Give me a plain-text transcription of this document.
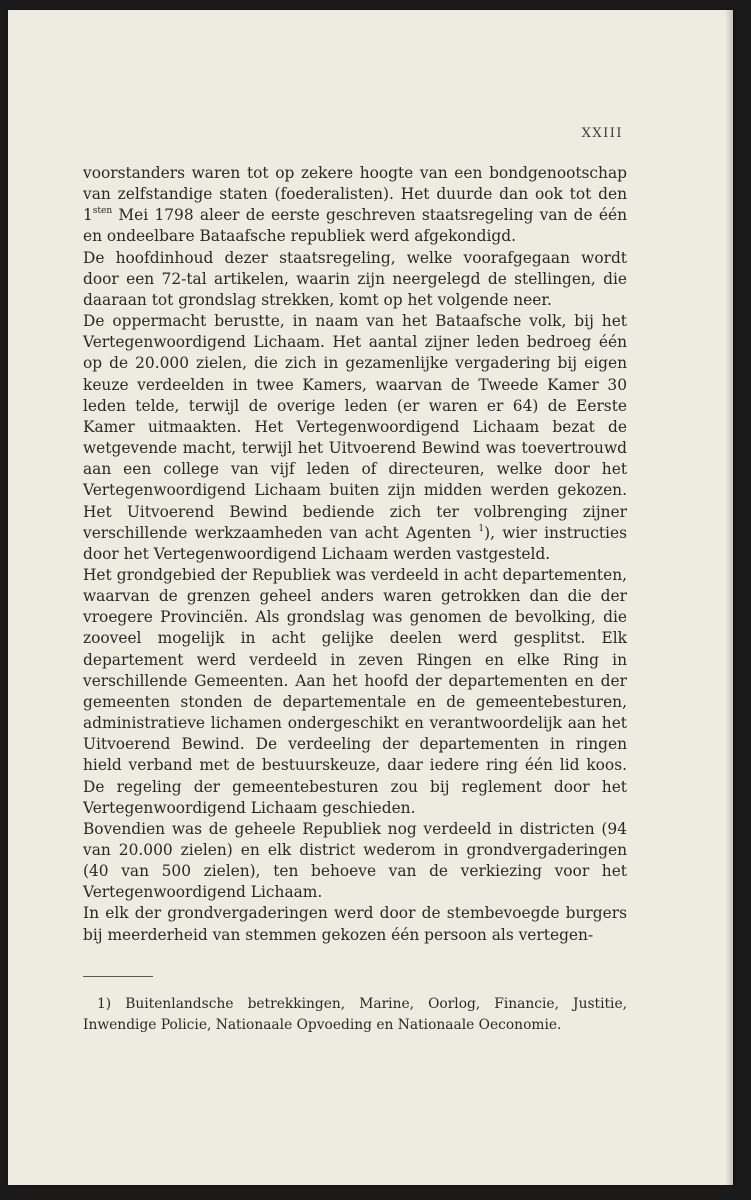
XXIII

voorstanders waren tot op zekere hoogte van een bondgenootschap van zelfstandige staten (foederalisten). Het duurde dan ook tot den $1^{sten}$ Mei 1798 aleer de eerste geschreven staatsregeling van de één en ondeelbare Bataafsche republiek werd afgekondigd.

De hoofdinhoud dezer staatsregeling, welke voorafgegaan wordt door een 72-tal artikelen, waarin zijn neergelegd de stellingen, die daaraan tot grondslag strekken, komt op het volgende neer.

De oppermacht berustte, in naam van het Bataafsche volk, bij het Vertegenwoordigend Lichaam. Het aantal zijner leden bedroeg één op de 20.000 zielen, die zich in gezamenlijke vergadering bij eigen keuze verdeelden in twee Kamers, waarvan de Tweede Kamer 30 leden telde, terwijl de overige leden (er waren er 64) de Eerste Kamer uitmaakten. Het Vertegenwoordigend Lichaam bezat de wetgevende macht, terwijl het Uitvoerend Bewind was toevertrouwd aan een college van vijf leden of directeuren, welke door het Vertegenwoordigend Lichaam buiten zijn midden werden gekozen. Het Uitvoerend Bewind bediende zich ter volbrenging zijner verschillende werkzaamheden van acht Agenten $^1$), wier instructies door het Vertegenwoordigend Lichaam werden vastgesteld.

Het grondgebied der Republiek was verdeeld in acht departementen, waarvan de grenzen geheel anders waren getrokken dan die der vroegere Provinciën. Als grondslag was genomen de bevolking, die zooveel mogelijk in acht gelijke deelen werd gesplitst. Elk departement werd verdeeld in zeven Ringen en elke Ring in verschillende Gemeenten. Aan het hoofd der departementen en der gemeenten stonden de departementale en de gemeentebesturen, administratieve lichamen ondergeschikt en verantwoordelijk aan het Uitvoerend Bewind. De verdeeling der departementen in ringen hield verband met de bestuurskeuze, daar iedere ring één lid koos. De regeling der gemeentebesturen zou bij reglement door het Vertegenwoordigend Lichaam geschieden.

Bovendien was de geheele Republiek nog verdeeld in districten (94 van 20.000 zielen) en elk district wederom in grondvergaderingen (40 van 500 zielen), ten behoeve van de verkiezing voor het Vertegenwoordigend Lichaam.

In elk der grondvergaderingen werd door de stembevoegde burgers bij meerderheid van stemmen gekozen één persoon als vertegen-

1) Buitenlandsche betrekkingen, Marine, Oorlog, Financie, Justitie, Inwendige Policie, Nationaale Opvoeding en Nationaale Oeconomie.
